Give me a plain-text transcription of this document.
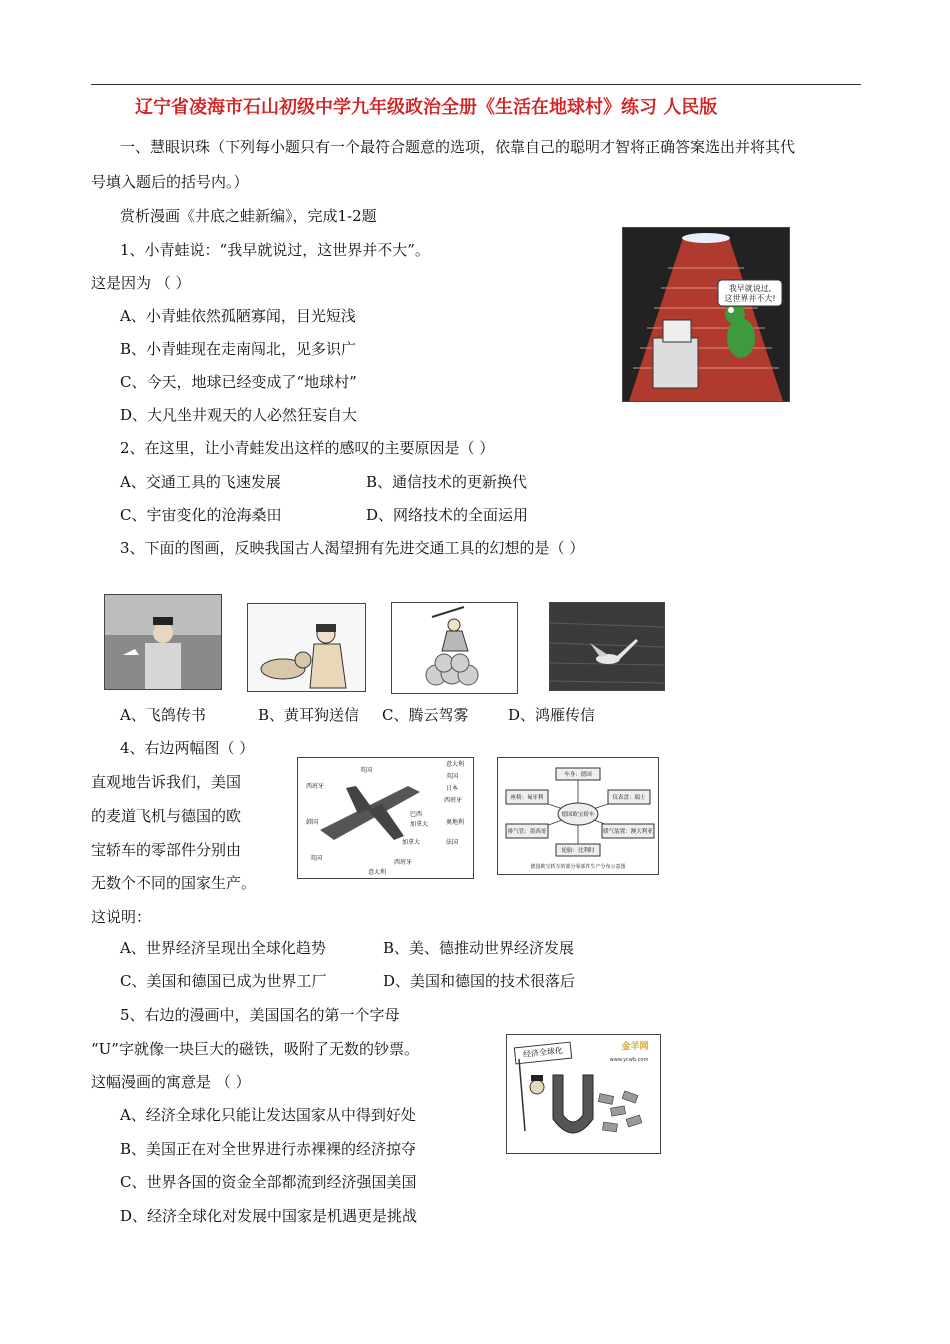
辽宁省凌海市石山初级中学九年级政治全册《生活在地球村》练习 人民版
一、慧眼识珠（下列每小题只有一个最符合题意的选项，依靠自己的聪明才智将正确答案选出并将其代
号填入题后的括号内。）
赏析漫画《井底之蛙新编》，完成1-2题
1、小青蛙说：“我早就说过，这世界并不大”。
这是因为 （ ）
A、小青蛙依然孤陋寡闻，目光短浅
B、小青蛙现在走南闯北，见多识广
C、今天，地球已经变成了“地球村”
D、大凡坐井观天的人必然狂妄自大
我早就说过,
这世界并不大!
2、在这里，让小青蛙发出这样的感叹的主要原因是（ ）
A、交通工具的飞速发展	B、通信技术的更新换代
C、宇宙变化的沧海桑田	D、网络技术的全面运用
3、下面的图画，反映我国古人渴望拥有先进交通工具的幻想的是（ ）
A、飞鸽传书	B、黄耳狗送信 C、腾云驾雾	D、鸿雁传信
4、右边两幅图（ ）
直观地告诉我们，美国
的麦道飞机与德国的欧
宝轿车的零部件分别由
无数个不同的国家生产。
这说明：
西班牙
英国
韩国
意大利
英国
日本
西班牙
巴西
加拿大	奥地利
加拿大	法国
英国
西班牙
意大利
德国欧宝轿车
车身：德国
座椅：匈牙利	仪表盘：瑞士
排气管：墨西哥
轮胎：比利时
暖气装置：澳大利亚
德国欧宝轿车的部分零部件生产分布示意图
A、世界经济呈现出全球化趋势	B、美、德推动世界经济发展
C、美国和德国已成为世界工厂	D、美国和德国的技术很落后
5、右边的漫画中，美国国名的第一个字母
“U”字就像一块巨大的磁铁，吸附了无数的钞票。
这幅漫画的寓意是 （ ）
A、经济全球化只能让发达国家从中得到好处
B、美国正在对全世界进行赤裸裸的经济掠夺
C、世界各国的资金全部都流到经济强国美国
D、经济全球化对发展中国家是机遇更是挑战
经济全球化	金羊网
www.ycwb.com
